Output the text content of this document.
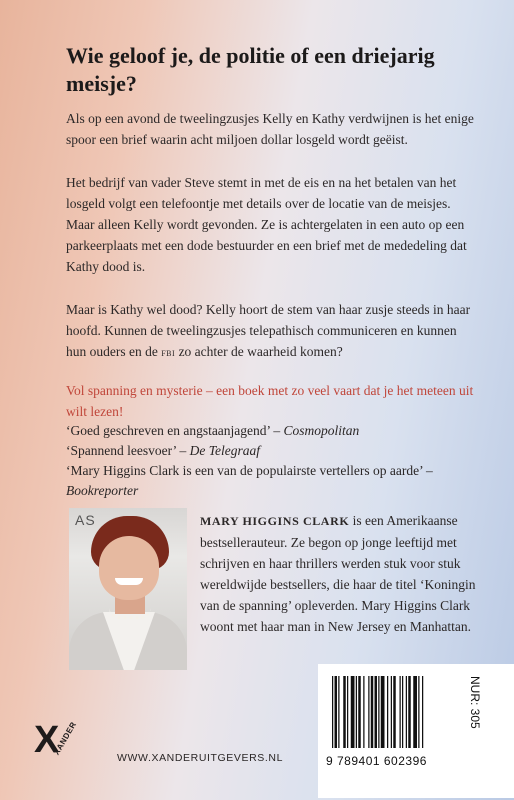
Wie geloof je, de politie of een driejarig meisje?
Als op een avond de tweelingzusjes Kelly en Kathy verdwijnen is het enige spoor een brief waarin acht miljoen dollar losgeld wordt geëist.
Het bedrijf van vader Steve stemt in met de eis en na het betalen van het losgeld volgt een telefoontje met details over de locatie van de meisjes. Maar alleen Kelly wordt gevonden. Ze is achtergelaten in een auto op een parkeerplaats met een dode bestuurder en een brief met de mededeling dat Kathy dood is.
Maar is Kathy wel dood? Kelly hoort de stem van haar zusje steeds in haar hoofd. Kunnen de tweelingzusjes telepathisch communiceren en kunnen hun ouders en de fbi zo achter de waarheid komen?
Vol spanning en mysterie – een boek met zo veel vaart dat je het meteen uit wilt lezen!

‘Goed geschreven en angstaanjagend’ – Cosmopolitan

‘Spannend leesvoer’ – De Telegraaf

‘Mary Higgins Clark is een van de populairste vertellers op aarde’ – Bookreporter

AS	MARY HIGGINS CLARK is een Amerikaanse bestsellerauteur. Ze begon op jonge leeftijd met schrijven en haar thrillers werden stuk voor stuk wereldwijde bestsellers, die haar de titel ‘Koningin van de spanning’ opleverden. Mary Higgins Clark woont met haar man in New Jersey en Manhattan.
X
XANDER
WWW.XANDERUITGEVERS.NL	9 789401 602396
NUR: 305
